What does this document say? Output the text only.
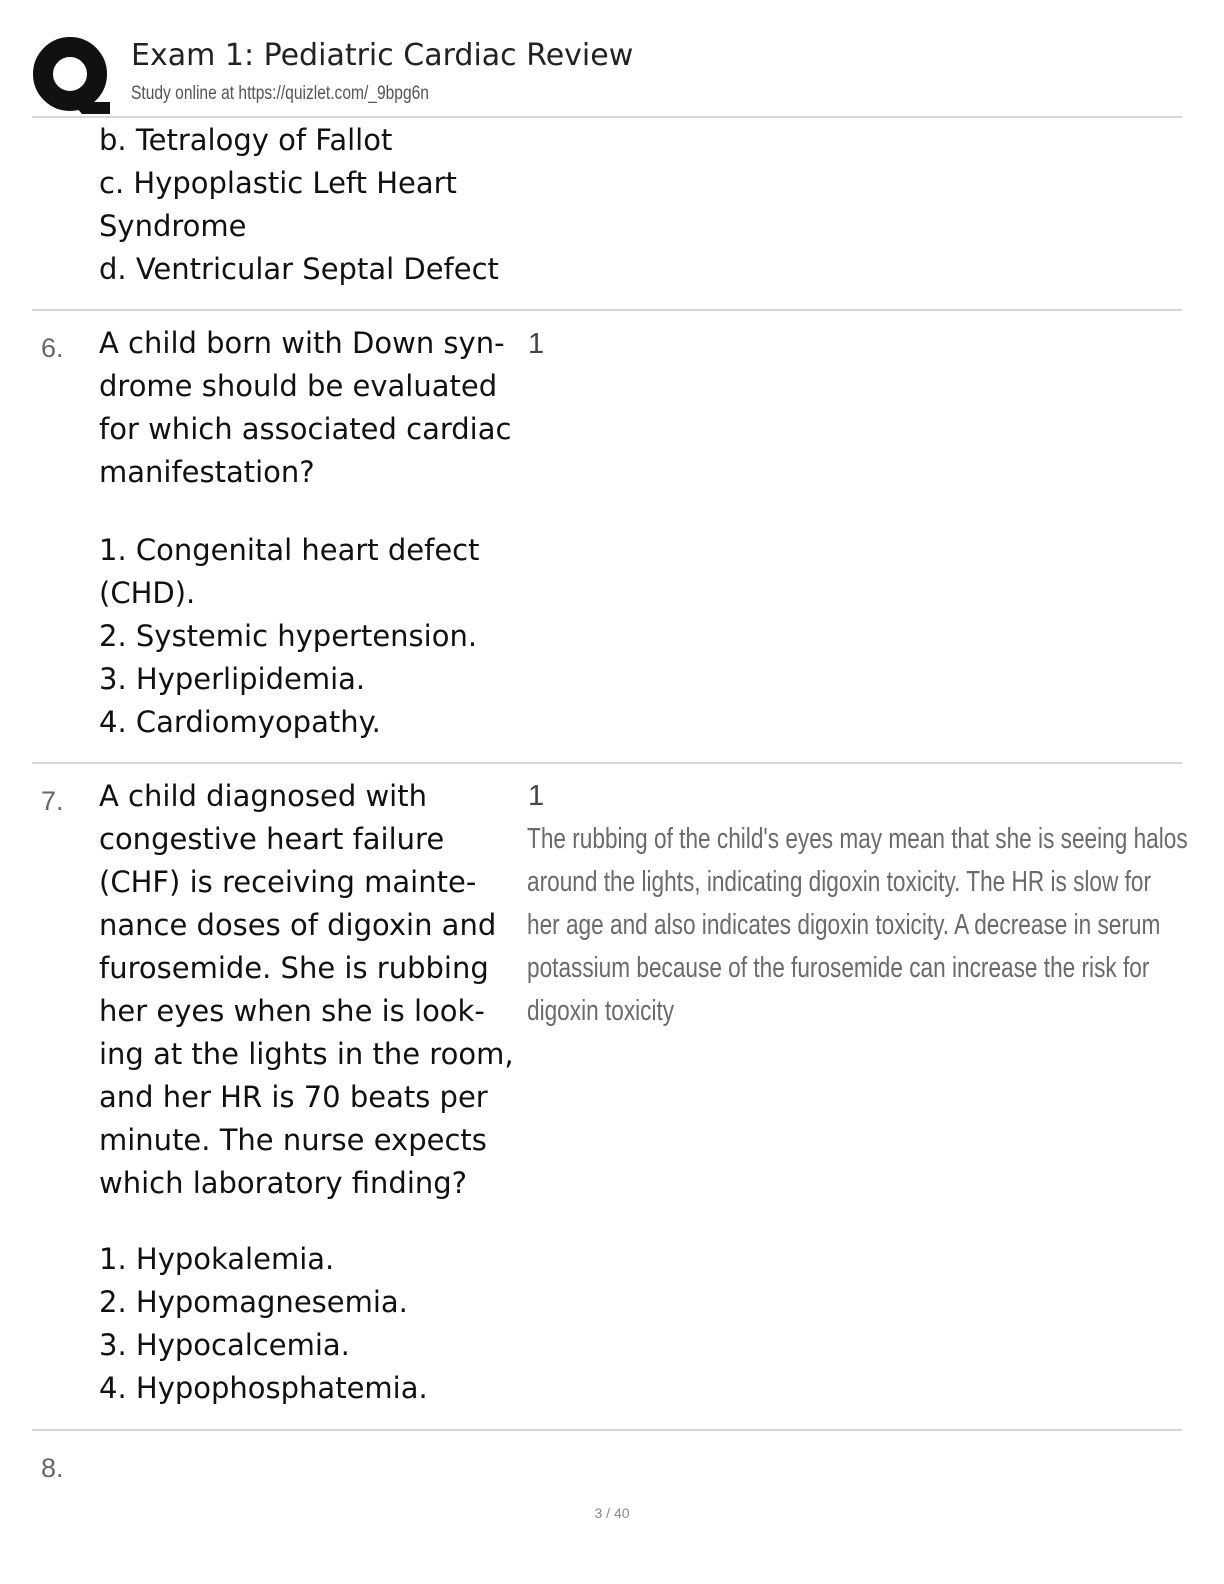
Exam 1: Pediatric Cardiac Review
Study online at https://quizlet.com/_9bpg6n
b. Tetralogy of Fallot
c. Hypoplastic Left Heart
Syndrome
d. Ventricular Septal Defect
6. A child born with Down syn-
drome should be evaluated
for which associated cardiac
manifestation?
1
1. Congenital heart defect
(CHD).
2. Systemic hypertension.
3. Hyperlipidemia.
4. Cardiomyopathy.
7. A child diagnosed with
congestive heart failure
(CHF) is receiving mainte-
nance doses of digoxin and
furosemide. She is rubbing
her eyes when she is look-
ing at the lights in the room,
and her HR is 70 beats per
minute. The nurse expects
which laboratory finding?
1
The rubbing of the child's eyes may mean that she is seeing halos
around the lights, indicating digoxin toxicity. The HR is slow for
her age and also indicates digoxin toxicity. A decrease in serum
potassium because of the furosemide can increase the risk for
digoxin toxicity
1. Hypokalemia.
2. Hypomagnesemia.
3. Hypocalcemia.
4. Hypophosphatemia.
8.
3 / 40
